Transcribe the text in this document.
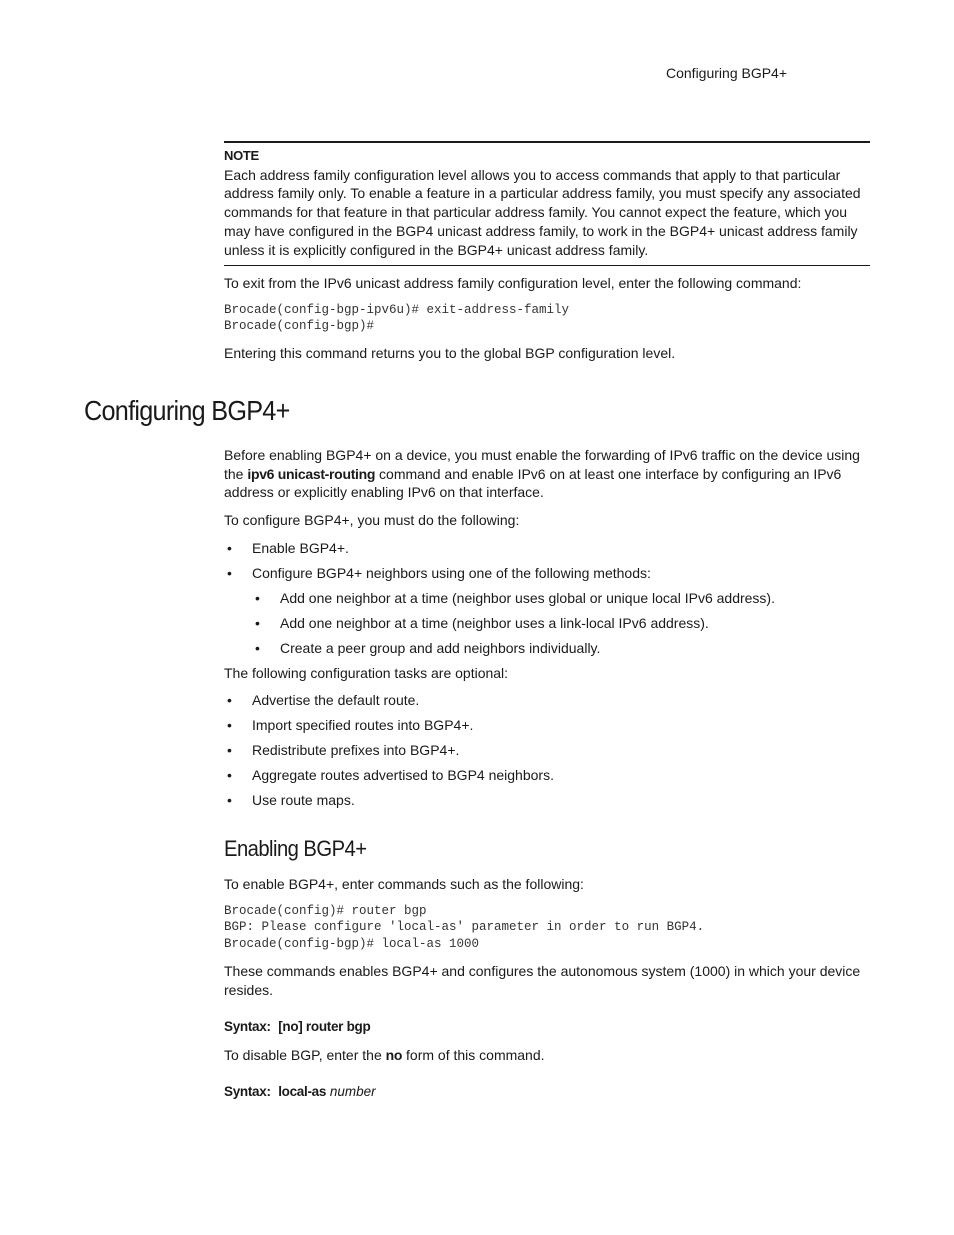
Configuring BGP4+
NOTE

Each address family configuration level allows you to access commands that apply to that particular address family only. To enable a feature in a particular address family, you must specify any associated commands for that feature in that particular address family. You cannot expect the feature, which you may have configured in the BGP4 unicast address family, to work in the BGP4+ unicast address family unless it is explicitly configured in the BGP4+ unicast address family.

To exit from the IPv6 unicast address family configuration level, enter the following command:

Brocade(config-bgp-ipv6u)# exit-address-family
Brocade(config-bgp)#

Entering this command returns you to the global BGP configuration level.

Configuring BGP4+

Before enabling BGP4+ on a device, you must enable the forwarding of IPv6 traffic on the device using the ipv6 unicast-routing command and enable IPv6 on at least one interface by configuring an IPv6 address or explicitly enabling IPv6 on that interface.

To configure BGP4+, you must do the following:

• Enable BGP4+.
• Configure BGP4+ neighbors using one of the following methods:
• Add one neighbor at a time (neighbor uses global or unique local IPv6 address).
• Add one neighbor at a time (neighbor uses a link-local IPv6 address).
• Create a peer group and add neighbors individually.

The following configuration tasks are optional:

• Advertise the default route.
• Import specified routes into BGP4+.
• Redistribute prefixes into BGP4+.
• Aggregate routes advertised to BGP4 neighbors.
• Use route maps.
Enabling BGP4+

To enable BGP4+, enter commands such as the following:

Brocade(config)# router bgp
BGP: Please configure 'local-as' parameter in order to run BGP4.
Brocade(config-bgp)# local-as 1000

These commands enables BGP4+ and configures the autonomous system (1000) in which your device resides.

Syntax: [no] router bgp

To disable BGP, enter the no form of this command.

Syntax: local-as number
